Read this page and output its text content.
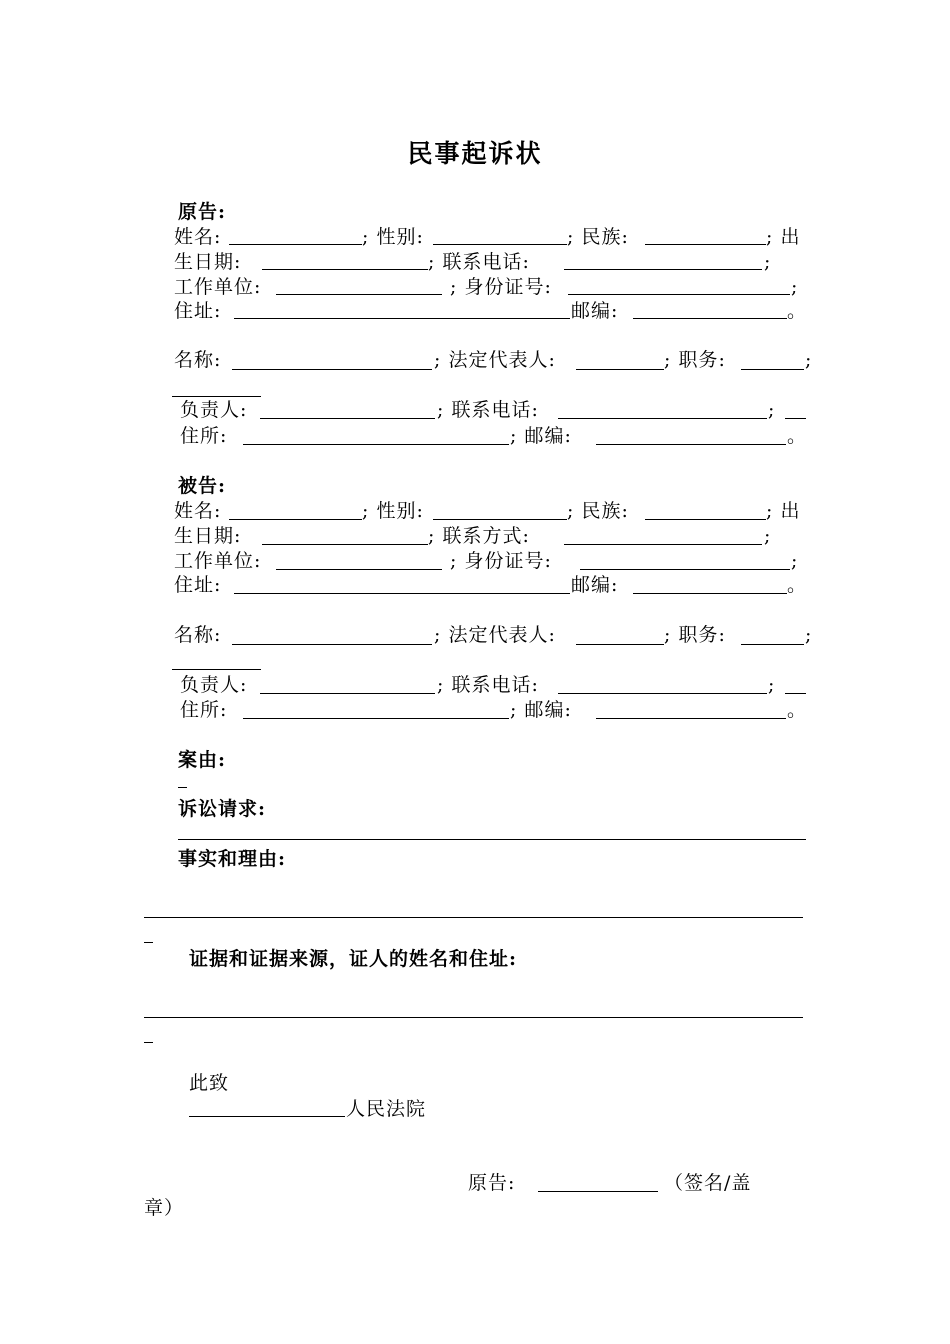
民事起诉状
原告:
姓名:	; 性别:	; 民族:	; 出
生日期:	; 联系电话:	;
工作单位:	; 身份证号:	;
住址:	邮编:	。
名称:	; 法定代表人:	; 职务:	;
负责人:	; 联系电话:	;
住所:	; 邮编:	。
被告:
姓名:	; 性别:	; 民族:	; 出
生日期:	; 联系方式:	;
工作单位:	; 身份证号:	;
住址:	邮编:	。
名称:	; 法定代表人:	; 职务:	;
负责人:	; 联系电话:	;
住所:	; 邮编:	。
案由:
诉讼请求:
事实和理由:
证据和证据来源，证人的姓名和住址:
此致
人民法院
原告:	（签名/盖
章）
